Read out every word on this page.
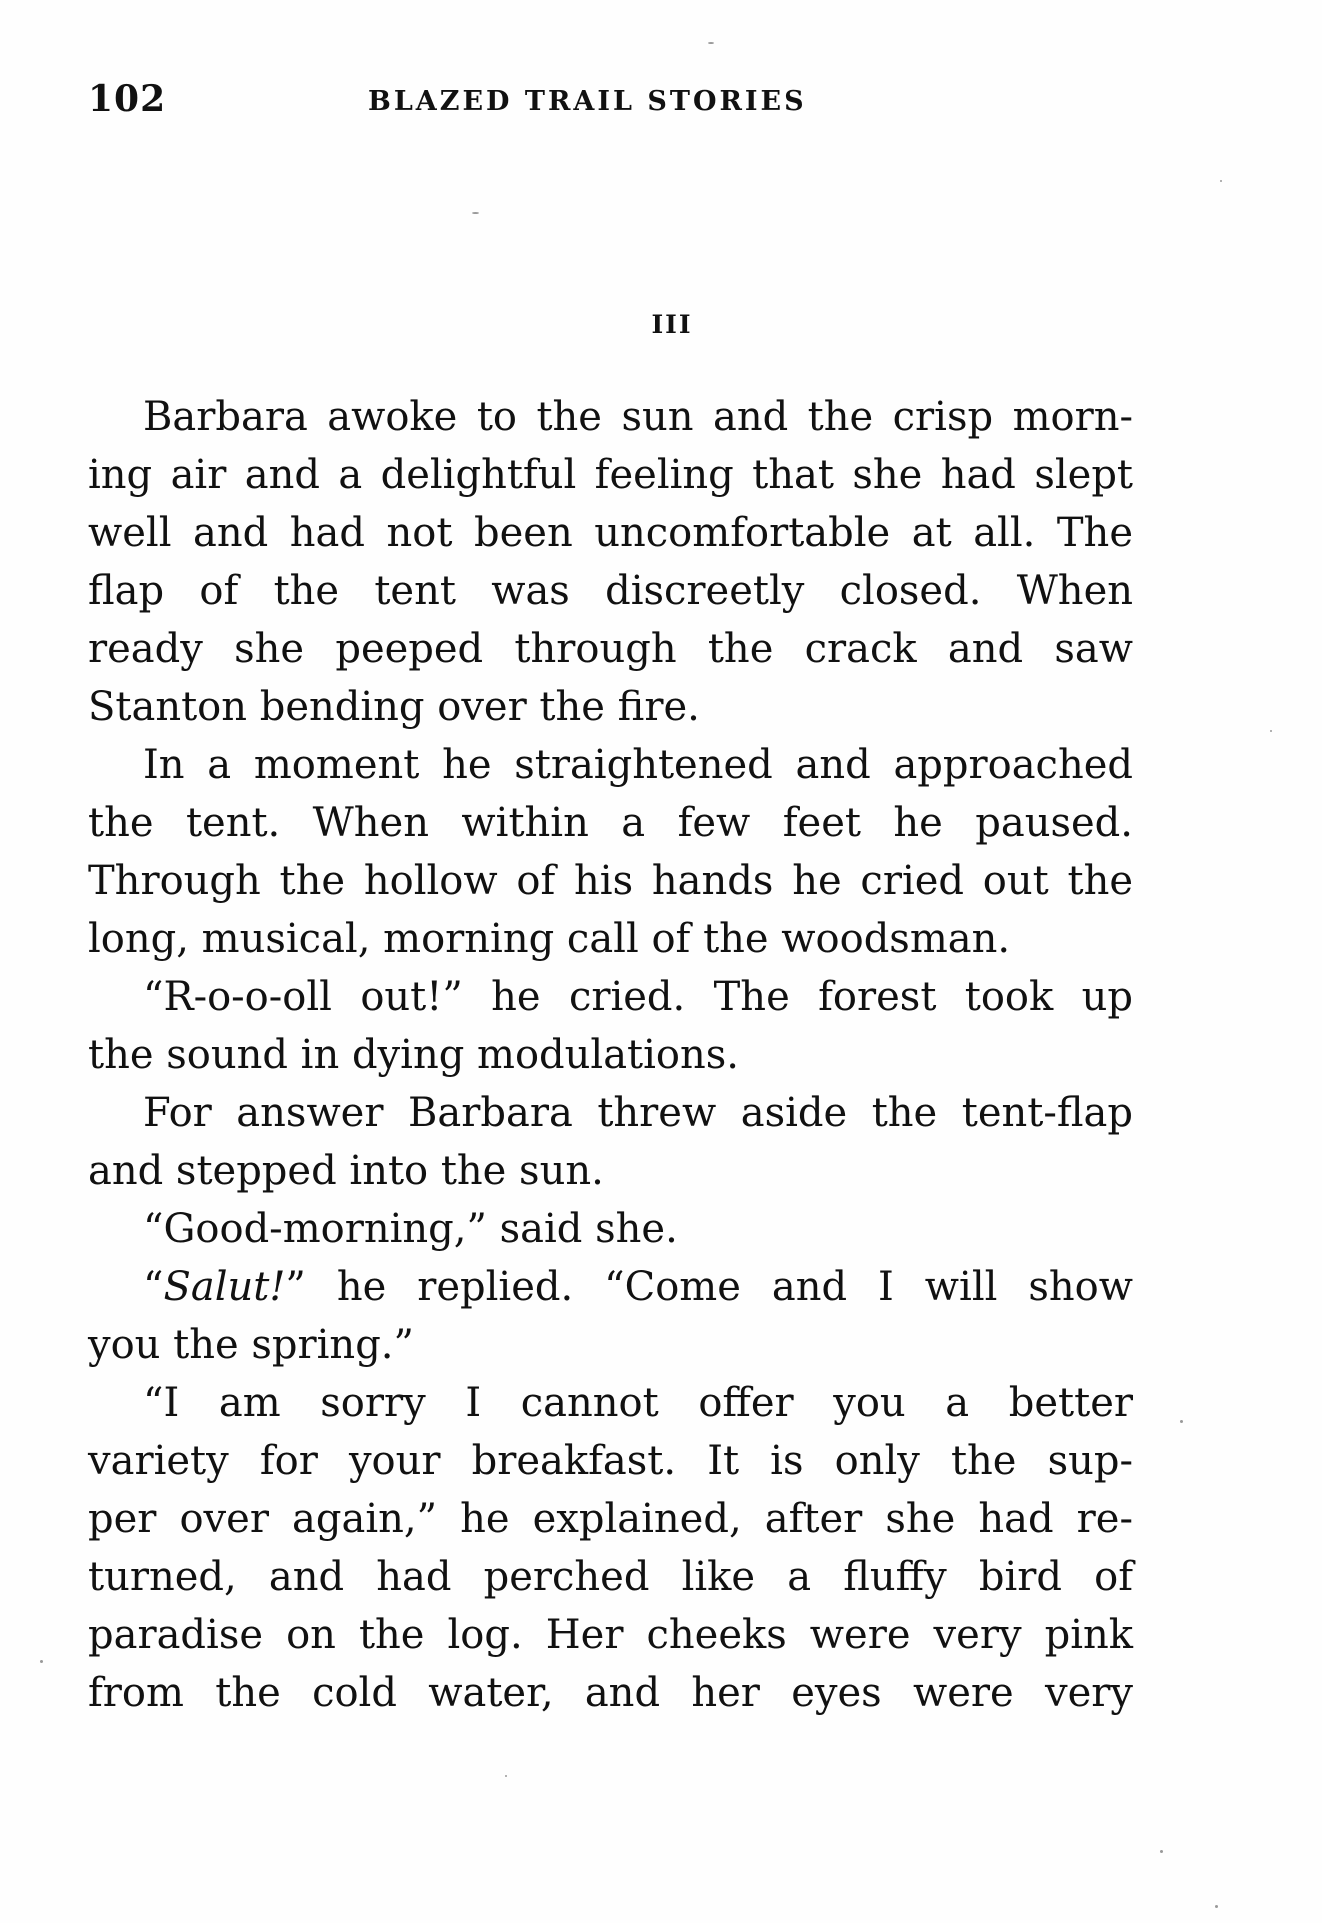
102	BLAZED TRAIL STORIES
III
Barbara awoke to the sun and the crisp morn-
ing air and a delightful feeling that she had slept
well and had not been uncomfortable at all. The
flap of the tent was discreetly closed. When
ready she peeped through the crack and saw
Stanton bending over the fire.
In a moment he straightened and approached
the tent. When within a few feet he paused.
Through the hollow of his hands he cried out the
long, musical, morning call of the woodsman.
“R-o-o-oll out!” he cried. The forest took up
the sound in dying modulations.
For answer Barbara threw aside the tent-flap
and stepped into the sun.
“Good-morning,” said she.
“Salut!” he replied. “Come and I will show
you the spring.”
“I am sorry I cannot offer you a better
variety for your breakfast. It is only the sup-
per over again,” he explained, after she had re-
turned, and had perched like a fluffy bird of
paradise on the log. Her cheeks were very pink
from the cold water, and her eyes were very
